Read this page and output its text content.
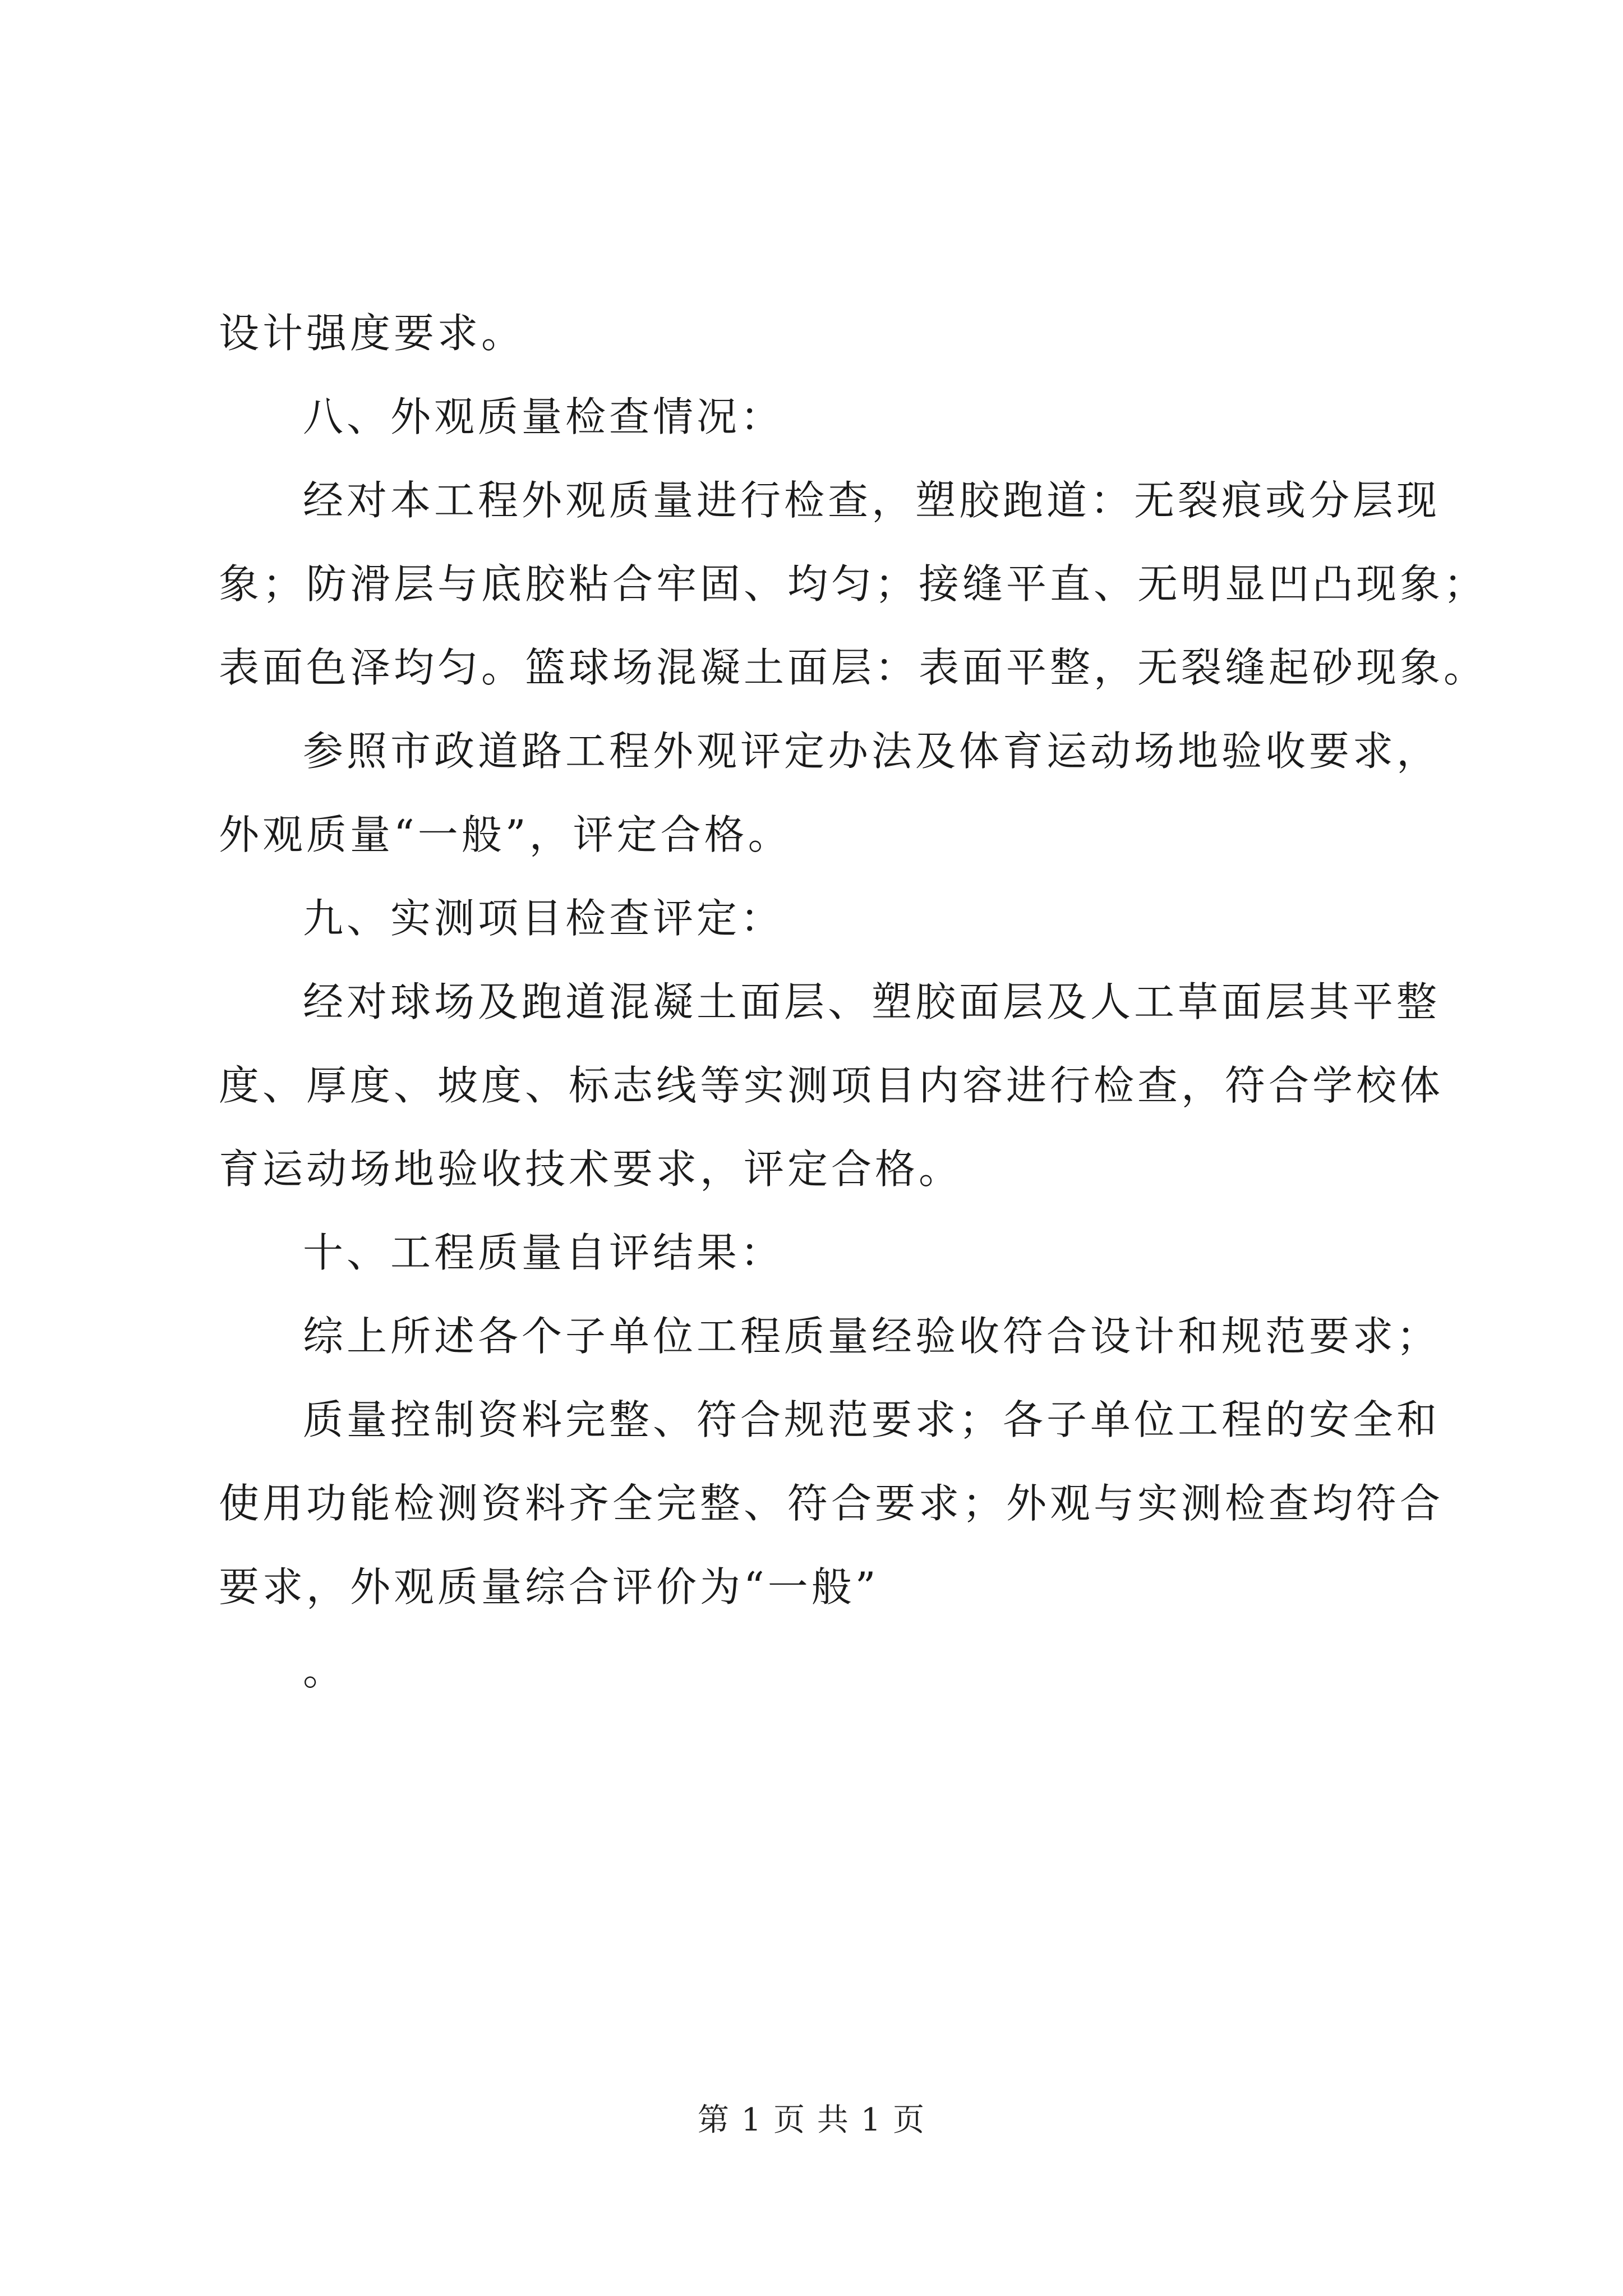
设计强度要求。
八、外观质量检查情况：
经对本工程外观质量进行检查，塑胶跑道：无裂痕或分层现
象；防滑层与底胶粘合牢固、均匀；接缝平直、无明显凹凸现象；
表面色泽均匀。篮球场混凝土面层：表面平整，无裂缝起砂现象。
参照市政道路工程外观评定办法及体育运动场地验收要求，
外观质量“一般”，评定合格。
九、实测项目检查评定：
经对球场及跑道混凝土面层、塑胶面层及人工草面层其平整
度、厚度、坡度、标志线等实测项目内容进行检查，符合学校体
育运动场地验收技术要求，评定合格。
十、工程质量自评结果：
综上所述各个子单位工程质量经验收符合设计和规范要求；
质量控制资料完整、符合规范要求；各子单位工程的安全和
使用功能检测资料齐全完整、符合要求；外观与实测检查均符合
要求，外观质量综合评价为“一般”
。
第 1 页 共 1 页
